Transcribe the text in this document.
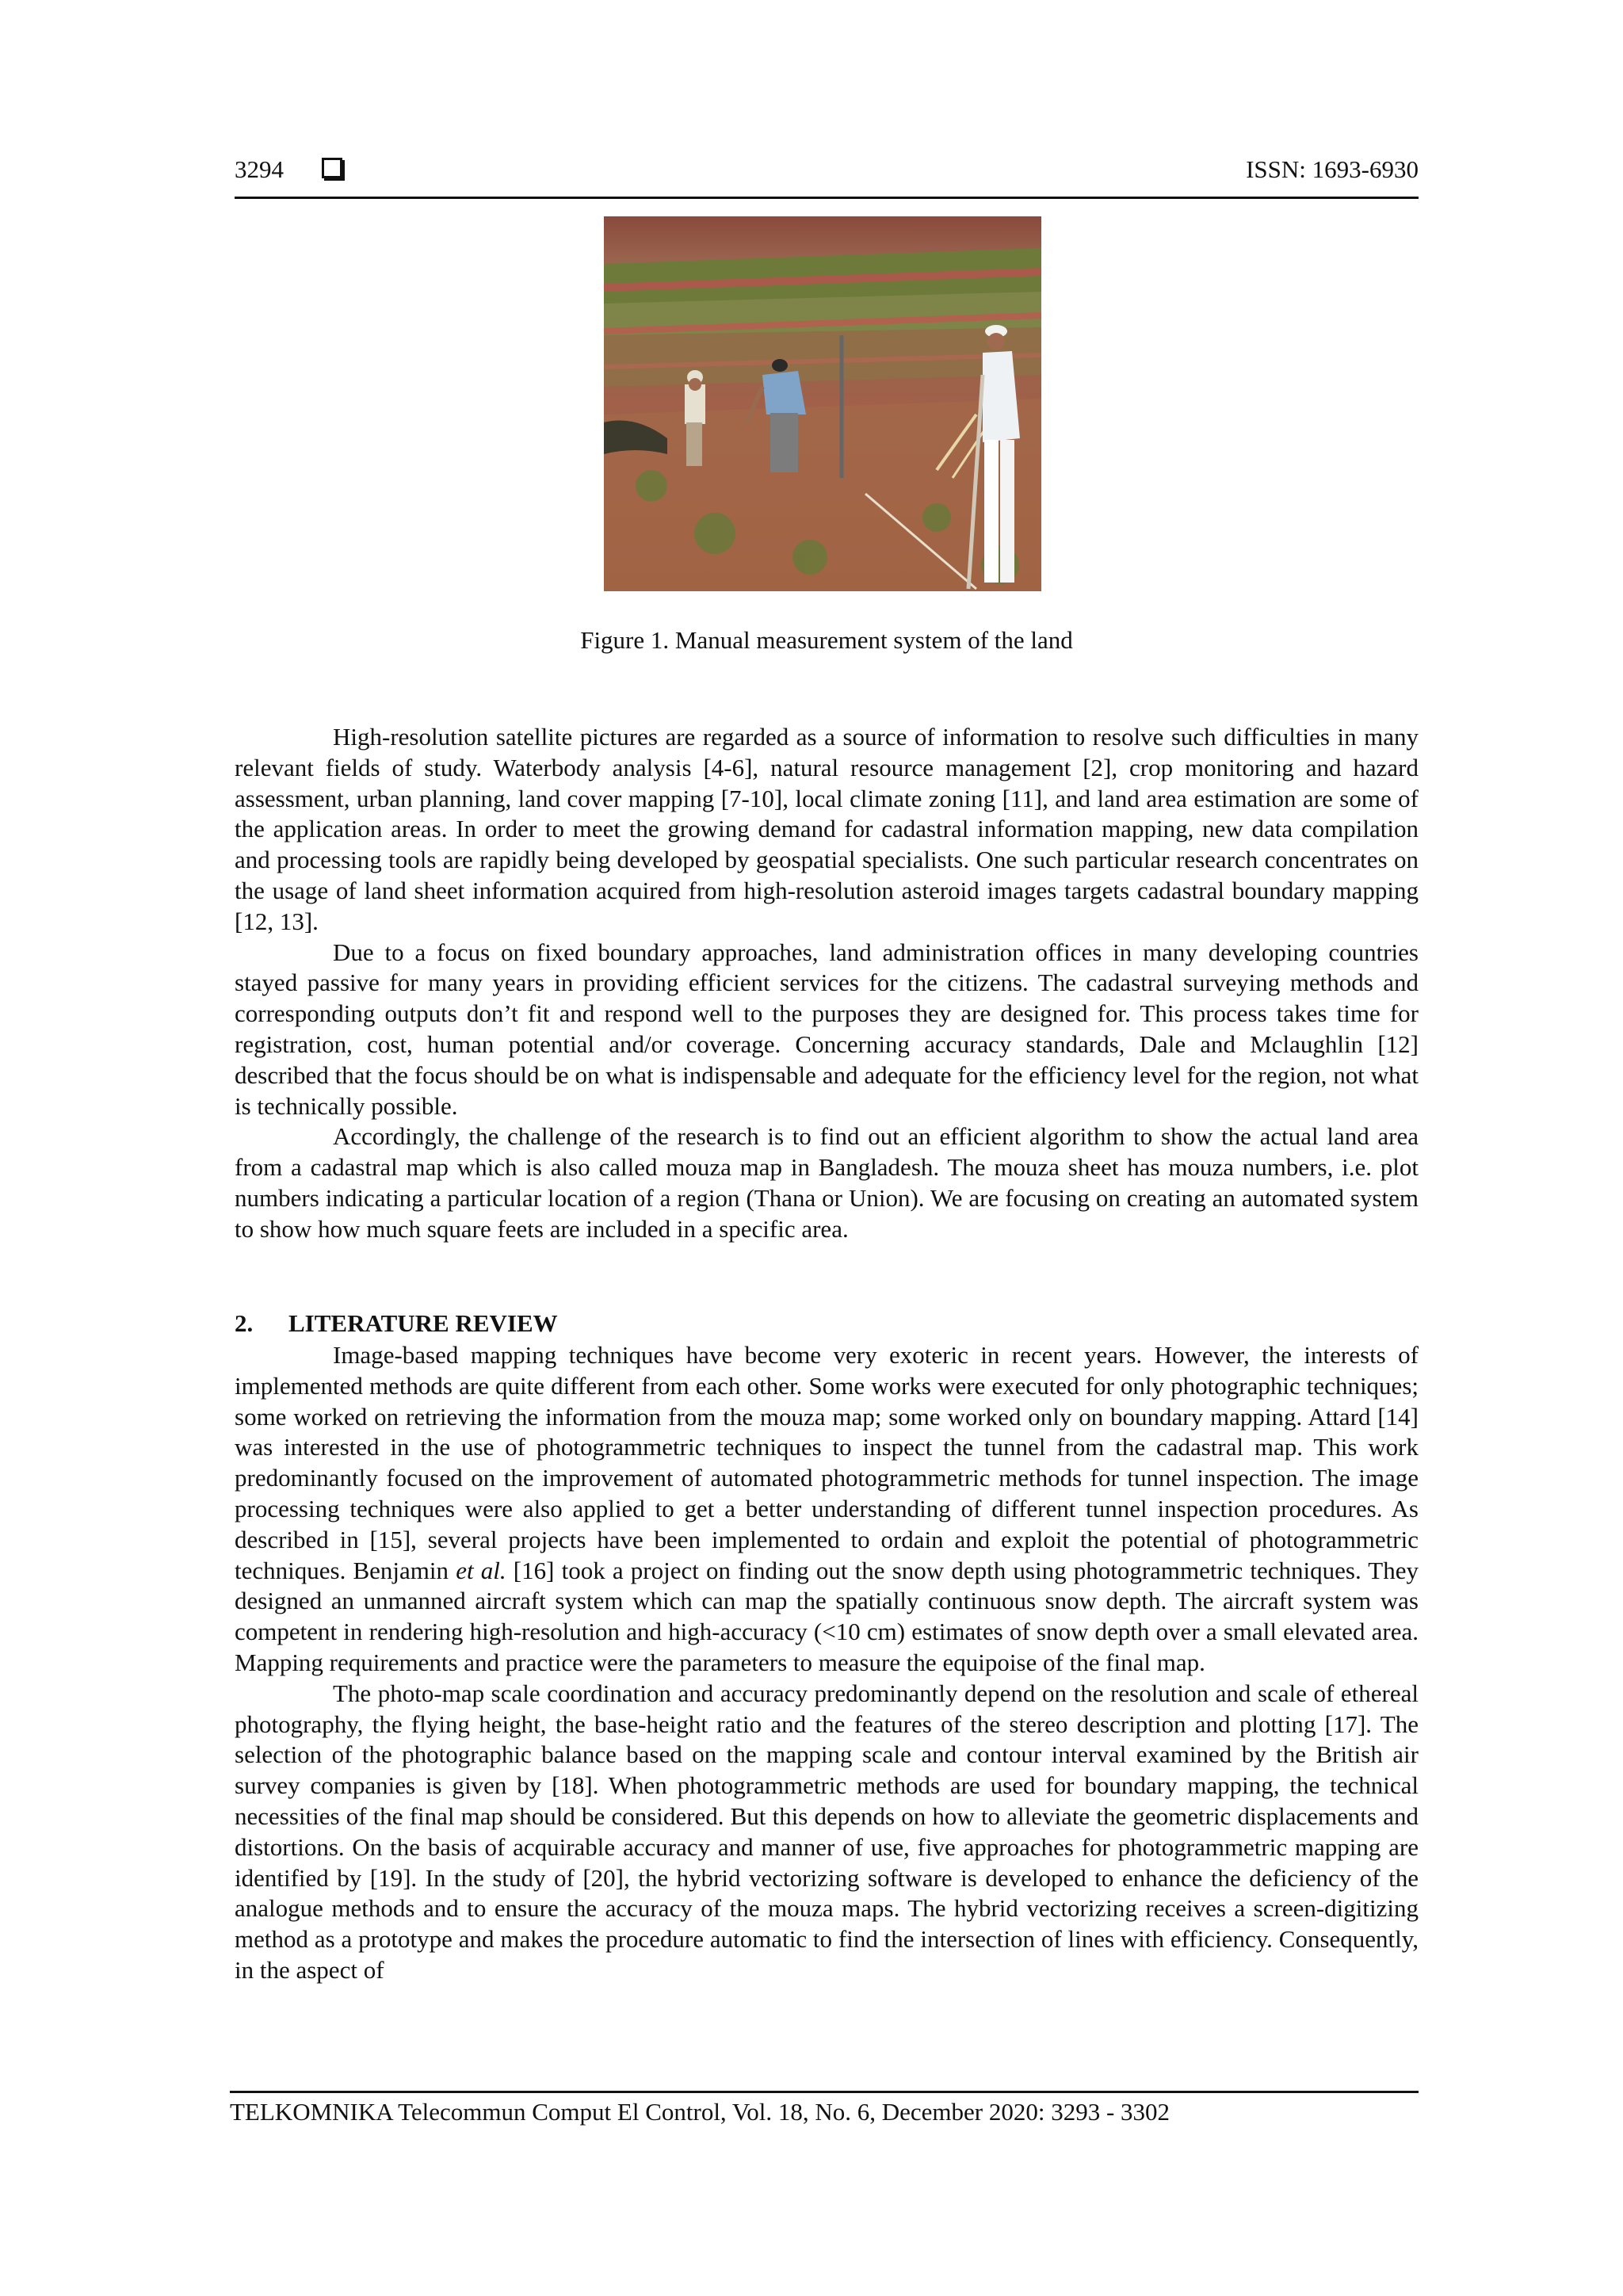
3294	ISSN: 1693-6930
Figure 1. Manual measurement system of the land

High-resolution satellite pictures are regarded as a source of information to resolve such difficulties in many relevant fields of study. Waterbody analysis [4-6], natural resource management [2], crop monitoring and hazard assessment, urban planning, land cover mapping [7-10], local climate zoning [11], and land area estimation are some of the application areas. In order to meet the growing demand for cadastral information mapping, new data compilation and processing tools are rapidly being developed by geospatial specialists. One such particular research concentrates on the usage of land sheet information acquired from high-resolution asteroid images targets cadastral boundary mapping [12, 13].

Due to a focus on fixed boundary approaches, land administration offices in many developing countries stayed passive for many years in providing efficient services for the citizens. The cadastral surveying methods and corresponding outputs don’t fit and respond well to the purposes they are designed for. This process takes time for registration, cost, human potential and/or coverage. Concerning accuracy standards, Dale and Mclaughlin [12] described that the focus should be on what is indispensable and adequate for the efficiency level for the region, not what is technically possible.

Accordingly, the challenge of the research is to find out an efficient algorithm to show the actual land area from a cadastral map which is also called mouza map in Bangladesh. The mouza sheet has mouza numbers, i.e. plot numbers indicating a particular location of a region (Thana or Union). We are focusing on creating an automated system to show how much square feets are included in a specific area.

2. LITERATURE REVIEW

Image-based mapping techniques have become very exoteric in recent years. However, the interests of implemented methods are quite different from each other. Some works were executed for only photographic techniques; some worked on retrieving the information from the mouza map; some worked only on boundary mapping. Attard [14] was interested in the use of photogrammetric techniques to inspect the tunnel from the cadastral map. This work predominantly focused on the improvement of automated photogrammetric methods for tunnel inspection. The image processing techniques were also applied to get a better understanding of different tunnel inspection procedures. As described in [15], several projects have been implemented to ordain and exploit the potential of photogrammetric techniques. Benjamin et al. [16] took a project on finding out the snow depth using photogrammetric techniques. They designed an unmanned aircraft system which can map the spatially continuous snow depth. The aircraft system was competent in rendering high-resolution and high-accuracy (<10 cm) estimates of snow depth over a small elevated area. Mapping requirements and practice were the parameters to measure the equipoise of the final map.

The photo-map scale coordination and accuracy predominantly depend on the resolution and scale of ethereal photography, the flying height, the base-height ratio and the features of the stereo description and plotting [17]. The selection of the photographic balance based on the mapping scale and contour interval examined by the British air survey companies is given by [18]. When photogrammetric methods are used for boundary mapping, the technical necessities of the final map should be considered. But this depends on how to alleviate the geometric displacements and distortions. On the basis of acquirable accuracy and manner of use, five approaches for photogrammetric mapping are identified by [19]. In the study of [20], the hybrid vectorizing software is developed to enhance the deficiency of the analogue methods and to ensure the accuracy of the mouza maps. The hybrid vectorizing receives a screen-digitizing method as a prototype and makes the procedure automatic to find the intersection of lines with efficiency. Consequently, in the aspect of

TELKOMNIKA Telecommun Comput El Control, Vol. 18, No. 6, December 2020: 3293 - 3302
